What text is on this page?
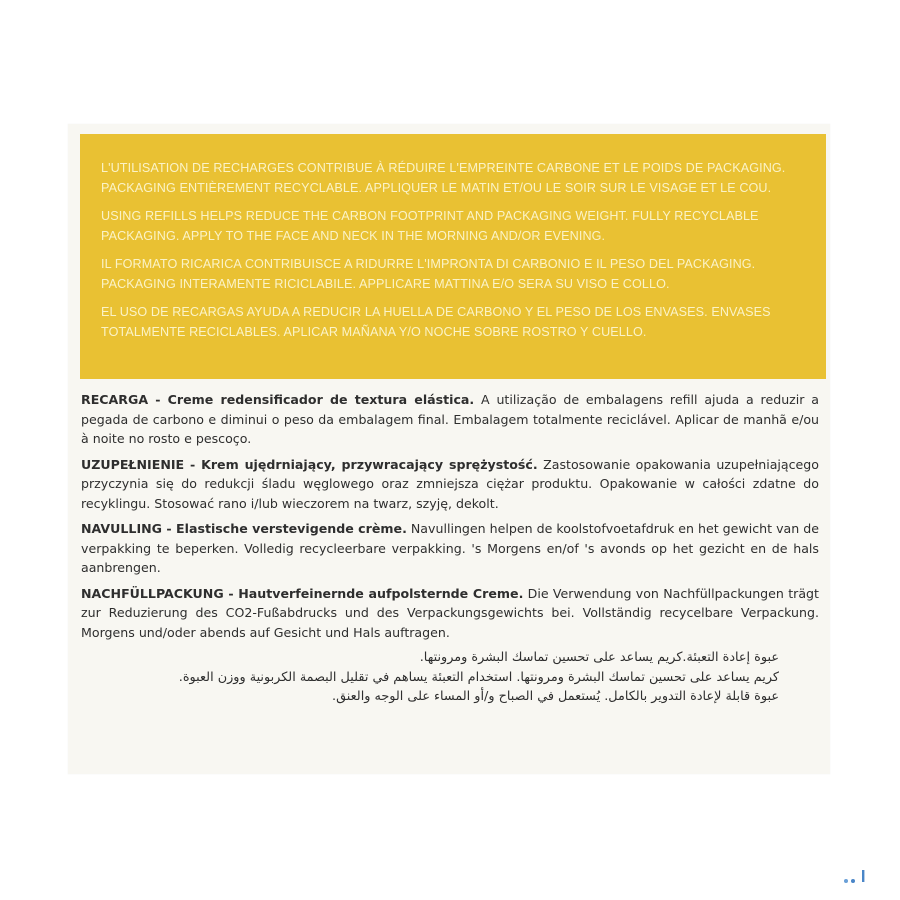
L'UTILISATION DE RECHARGES CONTRIBUE À RÉDUIRE L'EMPREINTE CARBONE ET LE POIDS DE PACKAGING. PACKAGING ENTIÈREMENT RECYCLABLE. APPLIQUER LE MATIN ET/OU LE SOIR SUR LE VISAGE ET LE COU.

USING REFILLS HELPS REDUCE THE CARBON FOOTPRINT AND PACKAGING WEIGHT. FULLY RECYCLABLE PACKAGING. APPLY TO THE FACE AND NECK IN THE MORNING AND/OR EVENING.

IL FORMATO RICARICA CONTRIBUISCE A RIDURRE L'IMPRONTA DI CARBONIO E IL PESO DEL PACKAGING. PACKAGING INTERAMENTE RICICLABILE. APPLICARE MATTINA E/O SERA SU VISO E COLLO.

EL USO DE RECARGAS AYUDA A REDUCIR LA HUELLA DE CARBONO Y EL PESO DE LOS ENVASES. ENVASES TOTALMENTE RECICLABLES. APLICAR MAÑANA Y/O NOCHE SOBRE ROSTRO Y CUELLO.

RECARGA - Creme redensificador de textura elástica. A utilização de embalagens refill ajuda a reduzir a pegada de carbono e diminui o peso da embalagem final. Embalagem totalmente reciclável. Aplicar de manhã e/ou à noite no rosto e pescoço.

UZUPEŁNIENIE - Krem ujędrniający, przywracający sprężystość. Zastosowanie opakowania uzupełniającego przyczynia się do redukcji śladu węglowego oraz zmniejsza ciężar produktu. Opakowanie w całości zdatne do recyklingu. Stosować rano i/lub wieczorem na twarz, szyję, dekolt.

NAVULLING - Elastische verstevigende crème. Navullingen helpen de koolstofvoetafdruk en het gewicht van de verpakking te beperken. Volledig recycleerbare verpakking. 's Morgens en/of 's avonds op het gezicht en de hals aanbrengen.

NACHFÜLLPACKUNG - Hautverfeinernde aufpolsternde Creme. Die Verwendung von Nachfüllpackungen trägt zur Reduzierung des CO2-Fußabdrucks und des Verpackungsgewichts bei. Vollständig recycelbare Verpackung. Morgens und/oder abends auf Gesicht und Hals auftragen.

عبوة إعادة التعبئة.كريم يساعد على تحسين تماسك البشرة ومرونتها.
كريم يساعد على تحسين تماسك البشرة ومرونتها. استخدام التعبئة يساهم في تقليل البصمة الكربونية ووزن العبوة.
عبوة قابلة لإعادة التدوير بالكامل. يُستعمل في الصباح و/أو المساء على الوجه والعنق.
